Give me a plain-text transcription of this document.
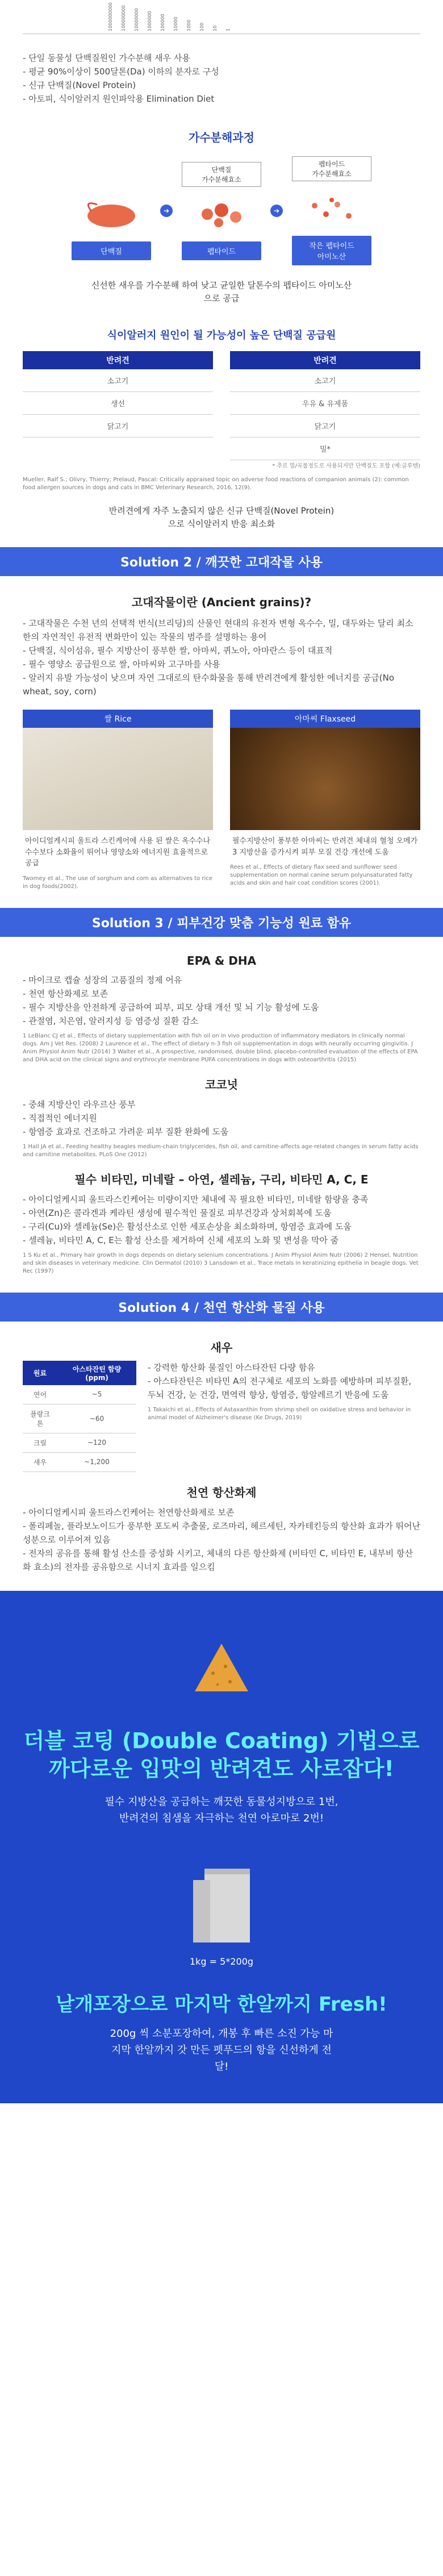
1000000000 100000000 10000000 1000000 100000 10000 1000 100 10 1
- 단일 동물성 단백질원인 가수분해 새우 사용
- 평균 90%이상이 500달톤(Da) 이하의 분자로 구성
- 신규 단백질(Novel Protein)
- 아토피, 식이알러지 원인파악용 Elimination Diet
가수분해과정
단백질
➔
단백질
가수분해효소
펩타이드
➔
펩타이드
가수분해효소
작은 펩타이드
아미노산
신선한 새우를 가수분해 하여 낮고 균일한 달톤수의 펩타이드 아미노산으로 공급
식이알러지 원인이 될 가능성이 높은 단백질 공급원
반려견
소고기
생선
닭고기
반려견
소고기
우유 & 유제품
닭고기
밀*
* 추로 밀/곡물정도로 사용되지만 단백질도 포함 (예:글루텐)
Mueller, Ralf S.; Olivry, Thierry; Prelaud, Pascal: Critically appraised topic on adverse food reactions of companion animals (2): common food allergen sources in dogs and cats in BMC Veterinary Research, 2016, 12(9).
반려견에게 자주 노출되지 않은 신규 단백질(Novel Protein)으로 식이알러지 반응 최소화
Solution 2 / 깨끗한 고대작물 사용
고대작물이란 (Ancient grains)?
- 고대작물은 수천 년의 선택적 번식(브리딩)의 산물인 현대의 유전자 변형 옥수수, 밀, 대두와는 달리 최소한의 자연적인 유전적 변화만이 있는 작물의 범주를 설명하는 용어
- 단백질, 식이섬유, 필수 지방산이 풍부한 쌀, 아마씨, 퀴노아, 아마란스 등이 대표적
- 필수 영양소 공급원으로 쌀, 아마씨와 고구마를 사용
- 알러지 유발 가능성이 낮으며 자연 그대로의 탄수화물을 통해 반려견에게 활성한 에너지를 공급(No wheat, soy, corn)
쌀 Rice

아이디얼케시피 울트라 스킨케어에 사용 된 쌀은 옥수수나 수수보다 소화율이 뛰어나 영양소와 에너지원 효율적으로 공급

Twomey et al., The use of sorghum and corn as alternatives to rice in dog foods(2002).
아마씨 Flaxseed

필수지방산이 풍부한 아마씨는 반려견 체내의 혈청 오메가3 지방산을 증가시켜 피부 모질 건강 개선에 도움

Rees et al., Effects of dietary flax seed and sunflower seed supplementation on normal canine serum polyunsaturated fatty acids and skin and hair coat condition scores (2001).
Solution 3 / 피부건강 맞춤 기능성 원료 함유
EPA & DHA
- 마이크로 캡슐 성장의 고품질의 정제 어유
- 천연 항산화제로 보존
- 필수 지방산을 안전하게 공급하여 피부, 피모 상태 개선 및 뇌 기능 활성에 도움
- 관절염, 치은염, 알러지성 등 염증성 질환 감소
1 LeBlanc CJ et al., Effects of dietary supplementation with fish oil on in vivo production of inflammatory mediators in clinically normal dogs. Am J Vet Res. (2008) 2 Laurence et al., The effect of dietary n-3 fish oil supplementation in dogs with neurally occurring gingivitis. J Anim Physiol Anim Nutr (2014) 3 Walter et al., A prospective, randomised, double blind, placebo-controlled evaluation of the effects of EPA and DHA acid on the clinical signs and erythrocyte membrane PUFA concentrations in dogs with osteoarthritis (2015)
코코넛
- 중쇄 지방산인 라우르산 풍부
- 직접적인 에너지원
- 항염증 효과로 건조하고 가려운 피부 질환 완화에 도움
1 Hall JA et al., Feeding healthy beagles medium-chain triglycerides, fish oil, and carnitine-affects age-related changes in serum fatty acids and carnitine metabolites. PLoS One (2012)
필수 비타민, 미네랄 – 아연, 셀레늄, 구리, 비타민 A, C, E
- 아이디얼케시피 울트라스킨케어는 미량이지만 체내에 꼭 필요한 비타민, 미네랄 함량을 충족
- 아연(Zn)은 콜라겐과 케라틴 생성에 필수적인 물질로 피부건강과 상처회복에 도움
- 구리(Cu)와 셀레늄(Se)은 활성산소로 인한 세포손상을 최소화하며, 항염증 효과에 도움
- 셀레늄, 비타민 A, C, E는 활성 산소를 제거하여 신체 세포의 노화 및 변성을 막아 줌
1 S Ku et al., Primary hair growth in dogs depends on dietary selenium concentrations. J Anim Physiol Anim Nutr (2006) 2 Hensel, Nutrition and skin diseases in veterinary medicine. Clin Dermatol (2010) 3 Lansdown et al., Trace metals in keratinizing epithelia in beagle dogs. Vet Rec (1997)
Solution 4 / 천연 항산화 물질 사용
새우
원료	아스타잔틴 함량 (ppm)
연어	~5
플랑크톤	~60
크릴	~120
새우	~1,200
- 강력한 항산화 물질인 아스타잔틴 다량 함유
- 아스타잔틴은 비타민 A의 전구체로 세포의 노화를 예방하며 피부질환, 두뇌 건강, 눈 건강, 면역력 향상, 항염증, 항알레르기 반응에 도움
1 Takaichi et al., Effects of Astaxanthin from shrimp shell on oxidative stress and behavior in animal model of Alzheimer's disease (Ke Drugs, 2019)
천연 항산화제
- 아이디얼케시피 울트라스킨케어는 천연항산화제로 보존
- 폴리페놀, 플라보노이드가 풍부한 포도씨 추출물, 로즈마리, 헤르세틴, 자카테킨등의 항산화 효과가 뛰어난 성분으로 이루어져 있음
- 전자의 공유를 통해 활성 산소를 중성화 시키고, 체내의 다른 항산화제 (비타민 C, 비타민 E, 내부비 항산화 효소)의 전자를 공유함으로 시너지 효과를 일으킴
더블 코팅 (Double Coating) 기법으로
까다로운 입맛의 반려견도 사로잡다!
필수 지방산을 공급하는 깨끗한 동물성지방으로 1번, 반려견의 침샘을 자극하는 천연 아로마로 2번!
1kg = 5*200g
낱개포장으로 마지막 한알까지 Fresh!
200g 씩 소분포장하여, 개봉 후 빠른 소진 가능 마지막 한알까지 갓 만든 펫푸드의 항을 신선하게 전달!
